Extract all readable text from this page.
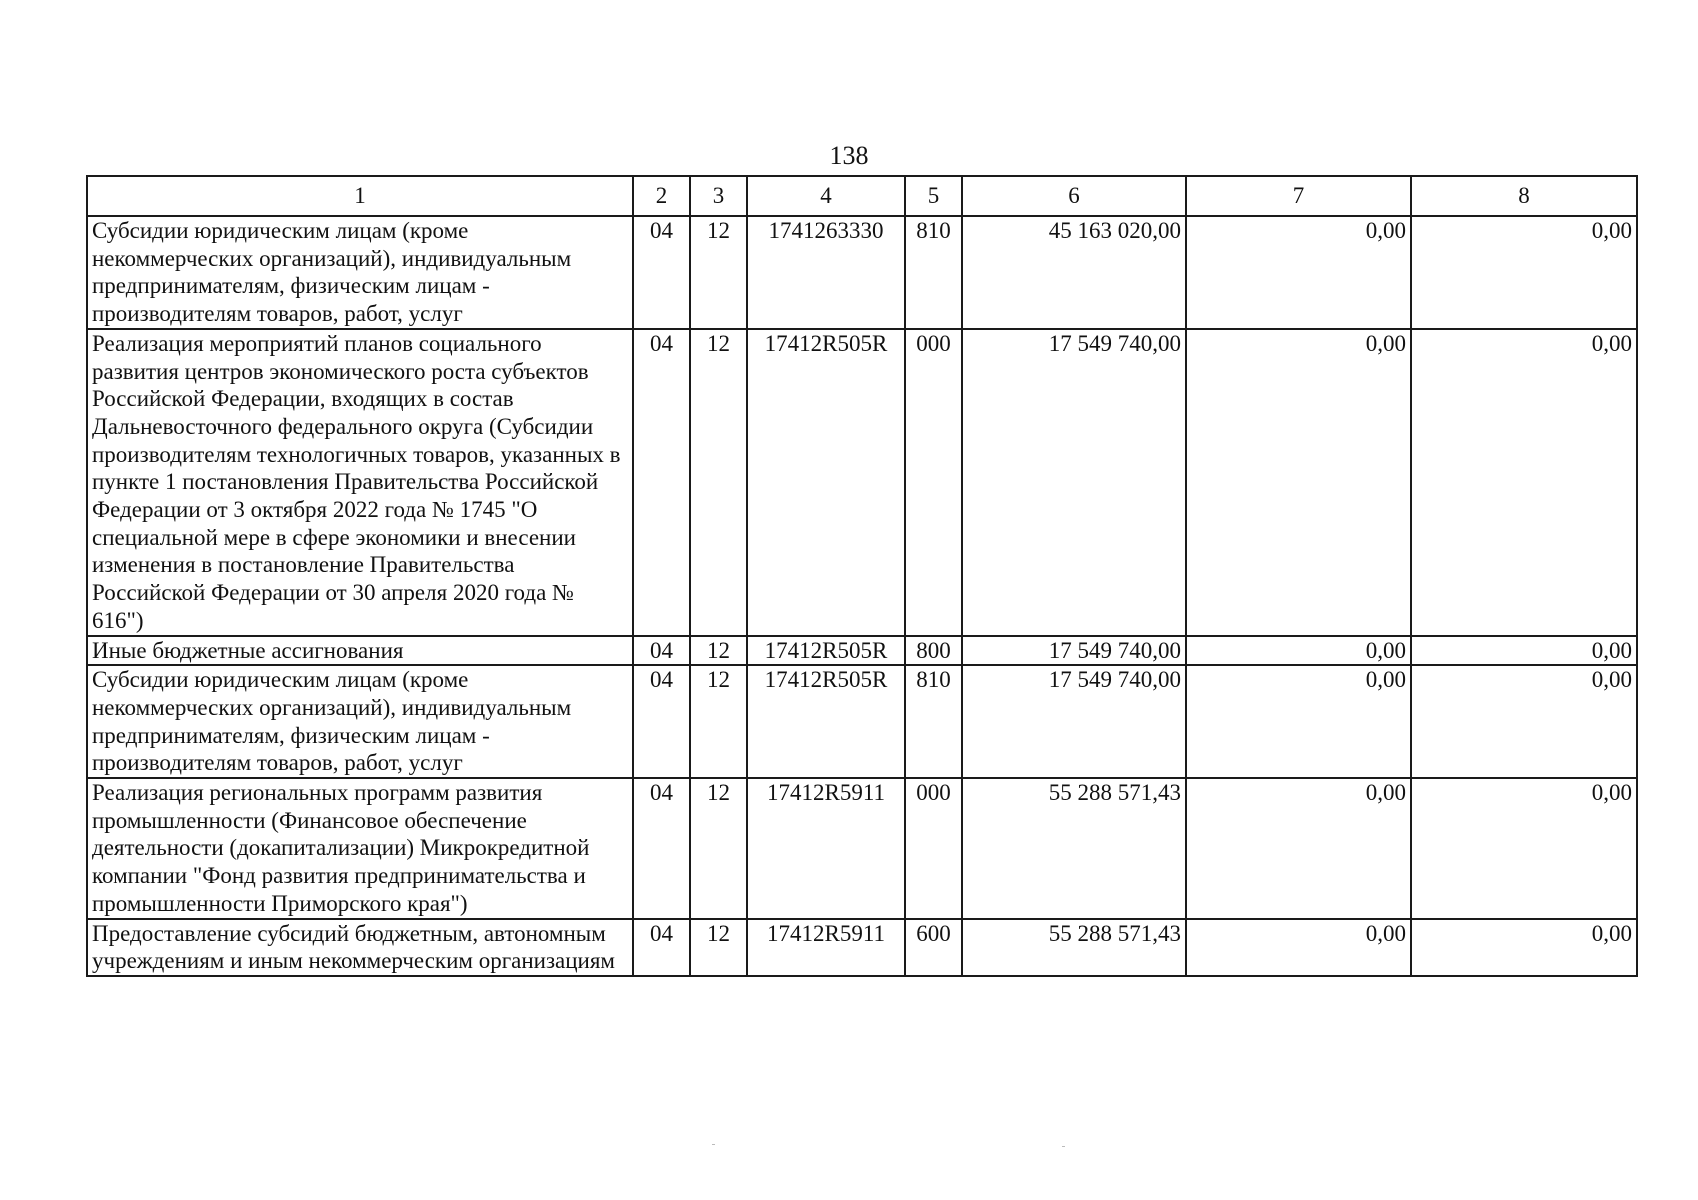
138
1	2	3	4	5	6	7	8
Субсидии юридическим лицам (кроме некоммерческих организаций), индивидуальным предпринимателям, физическим лицам - производителям товаров, работ, услуг	04	12	1741263330	810	45 163 020,00	0,00	0,00
Реализация мероприятий планов социального развития центров экономического роста субъектов Российской Федерации, входящих в состав Дальневосточного федерального округа (Субсидии производителям технологичных товаров, указанных в пункте 1 постановления Правительства Российской Федерации от 3 октября 2022 года № 1745 "О специальной мере в сфере экономики и внесении изменения в постановление Правительства Российской Федерации от 30 апреля 2020 года № 616")	04	12	17412R505R	000	17 549 740,00	0,00	0,00
Иные бюджетные ассигнования	04	12	17412R505R	800	17 549 740,00	0,00	0,00
Субсидии юридическим лицам (кроме некоммерческих организаций), индивидуальным предпринимателям, физическим лицам - производителям товаров, работ, услуг	04	12	17412R505R	810	17 549 740,00	0,00	0,00
Реализация региональных программ развития промышленности (Финансовое обеспечение деятельности (докапитализации) Микрокредитной компании "Фонд развития предпринимательства и промышленности Приморского края")	04	12	17412R5911	000	55 288 571,43	0,00	0,00
Предоставление субсидий бюджетным, автономным учреждениям и иным некоммерческим организациям	04	12	17412R5911	600	55 288 571,43	0,00	0,00
